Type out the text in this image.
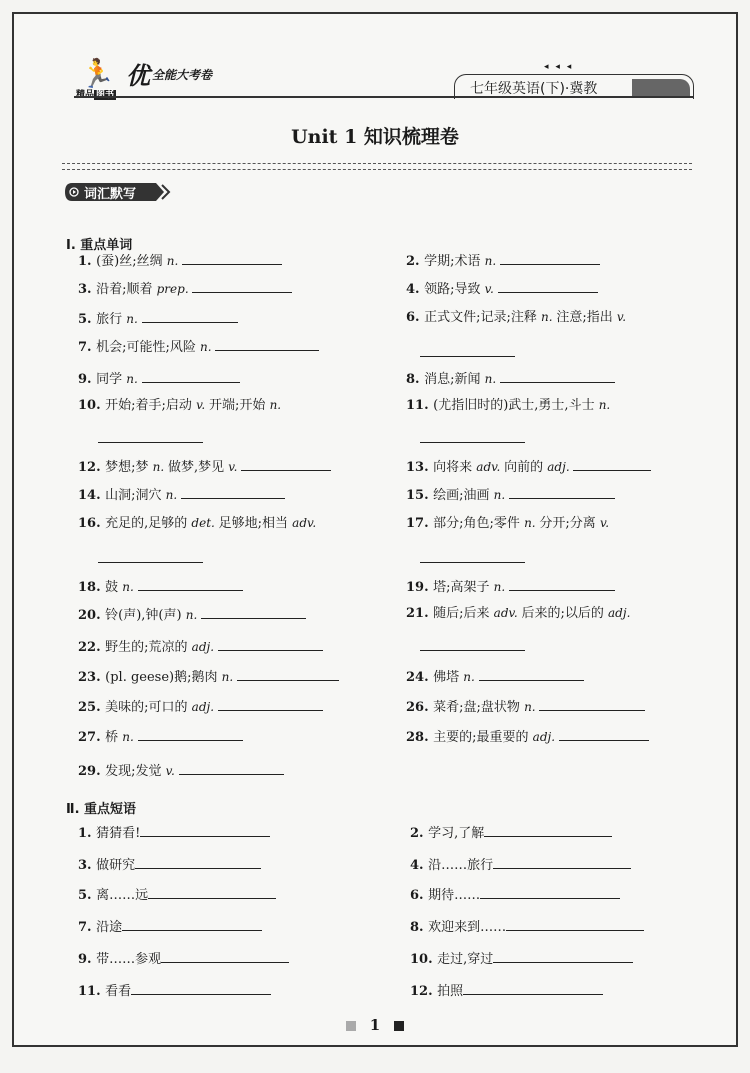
🏃
精品 图书
优 全能大考卷
◂ ◂ ◂
七年级英语(下)·冀教
Unit 1 知识梳理卷
词汇默写
Ⅰ. 重点单词
1. (蚕)丝;丝绸 n.	2. 学期;术语 n.
3. 沿着;顺着 prep.	4. 领路;导致 v.
5. 旅行 n.	6. 正式文件;记录;注释 n. 注意;指出 v.
7. 机会;可能性;风险 n.
8. 消息;新闻 n.
9. 同学 n.
10. 开始;着手;启动 v. 开端;开始 n.	11. (尤指旧时的)武士,勇士,斗士 n.
12. 梦想;梦 n. 做梦,梦见 v.	13. 向将来 adv. 向前的 adj.
14. 山洞;洞穴 n.	15. 绘画;油画 n.
16. 充足的,足够的 det. 足够地;相当 adv.	17. 部分;角色;零件 n. 分开;分离 v.
18. 鼓 n.	19. 塔;高架子 n.
20. 铃(声),钟(声) n.	21. 随后;后来 adv. 后来的;以后的 adj.
22. 野生的;荒凉的 adj.
23. (pl. geese)鹅;鹅肉 n.	24. 佛塔 n.
25. 美味的;可口的 adj.	26. 菜肴;盘;盘状物 n.
27. 桥 n.	28. 主要的;最重要的 adj.
29. 发现;发觉 v.
Ⅱ. 重点短语
1. 猜猜看!	2. 学习,了解
3. 做研究	4. 沿……旅行
5. 离……远	6. 期待……
7. 沿途	8. 欢迎来到……
9. 带……参观	10. 走过,穿过
11. 看看	12. 拍照
1
